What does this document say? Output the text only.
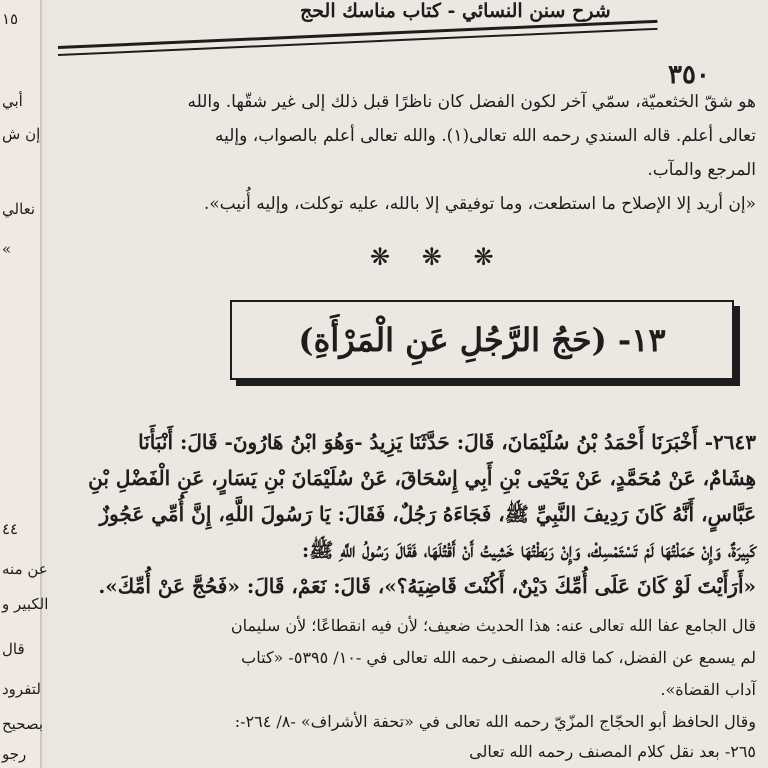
١٥
أبي
إن ش
نعالي
«
٤٤
عن منه
الكبير و
قال
لتفرود
بصحيح
رجو
شرح سنن النسائي - كتاب مناسك الحج
٣٥٠
هو شقّ الخثعميّة، سمّي آخر لكون الفضل كان ناظرًا قبل ذلك إلى غير شقّها. والله
تعالى أعلم. قاله السندي رحمه الله تعالى(١). والله تعالى أعلم بالصواب، وإليه
المرجع والمآب.
«إن أريد إلا الإصلاح ما استطعت، وما توفيقي إلا بالله، عليه توكلت، وإليه أُنيب».
❋ ❋ ❋
١٣- (حَجُ الرَّجُلِ عَنِ الْمَرْأَةِ)
٢٦٤٣- أَخْبَرَنَا أَحْمَدُ بْنُ سُلَيْمَانَ، قَالَ: حَدَّثَنَا يَزِيدُ -وَهُوَ ابْنُ هَارُونَ- قَالَ: أَنْبَأَنَا
هِشَامٌ، عَنْ مُحَمَّدٍ، عَنْ يَحْيَى بْنِ أَبِي إِسْحَاقَ، عَنْ سُلَيْمَانَ بْنِ يَسَارٍ، عَنِ الْفَضْلِ بْنِ
عَبَّاسٍ، أَنَّهُ كَانَ رَدِيفَ النَّبِيِّ ﷺ، فَجَاءَهُ رَجُلٌ، فَقَالَ: يَا رَسُولَ اللَّهِ، إِنَّ أُمِّي عَجُوزٌ
كَبِيرَةٌ، وَإِنْ حَمَلْتُهَا لَمْ تَسْتَمْسِكْ، وَإِنْ رَبَطْتُهَا خَشِيتُ أَنْ أَقْتُلَهَا، فَقَالَ رَسُولُ اللَّهِ ﷺ:
«أَرَأَيْتَ لَوْ كَانَ عَلَى أُمِّكَ دَيْنٌ، أَكُنْتَ قَاضِيَهُ؟»، قَالَ: نَعَمْ، قَالَ: «فَحُجَّ عَنْ أُمِّكَ».
قال الجامع عفا الله تعالى عنه: هذا الحديث ضعيف؛ لأن فيه انقطاعًا؛ لأن سليمان
لم يسمع عن الفضل، كما قاله المصنف رحمه الله تعالى في -١٠/ ٥٣٩٥- «كتاب
آداب القضاة».
وقال الحافظ أبو الحجّاج المزّيّ رحمه الله تعالى في «تحفة الأشراف» -٨/ ٢٦٤-:
٢٦٥- بعد نقل كلام المصنف رحمه الله تعالى
